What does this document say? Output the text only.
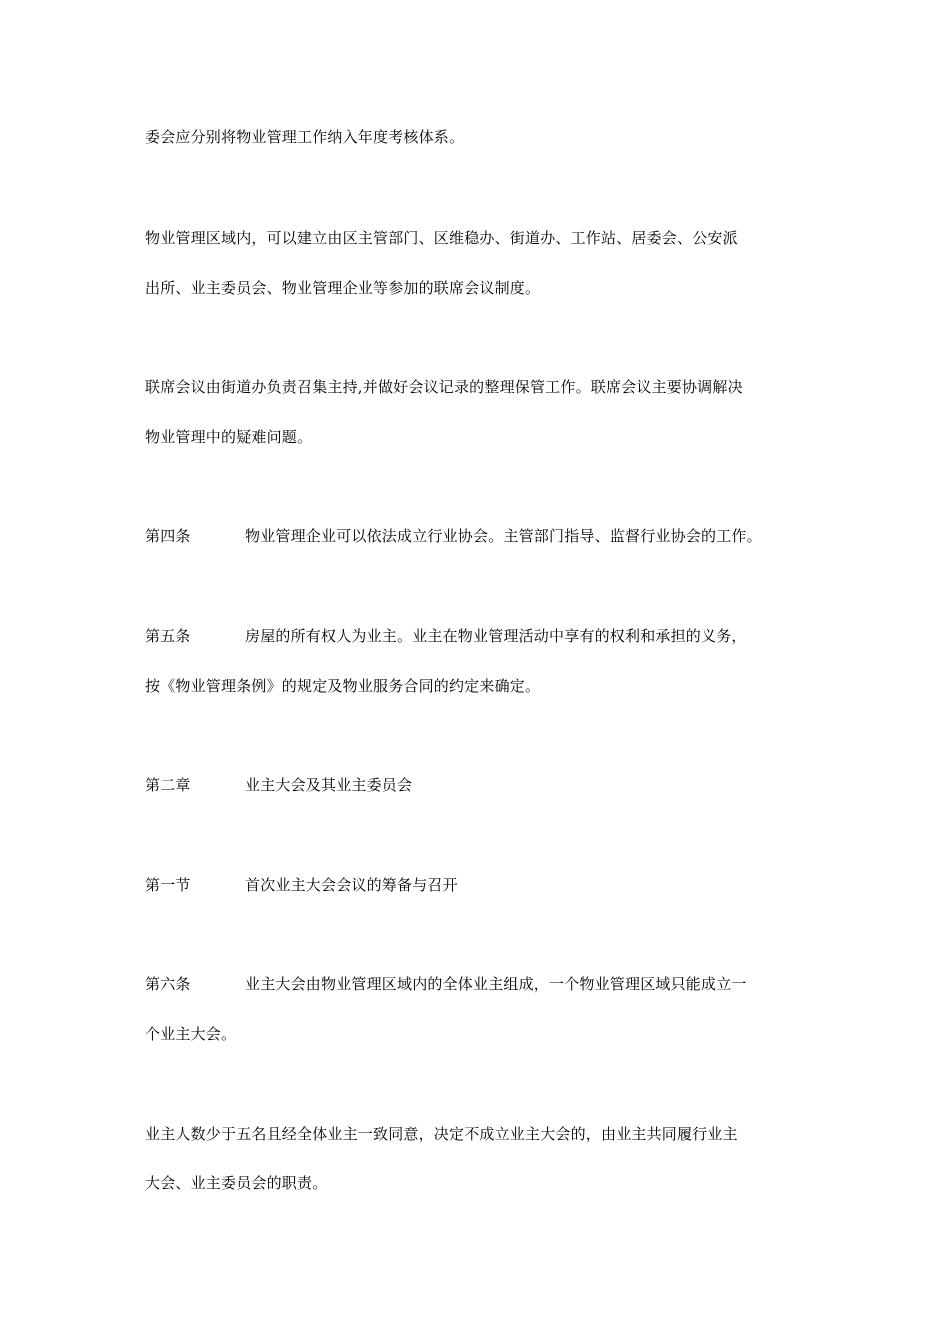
委会应分别将物业管理工作纳入年度考核体系。
物业管理区域内，可以建立由区主管部门、区维稳办、街道办、工作站、居委会、公安派
出所、业主委员会、物业管理企业等参加的联席会议制度。
联席会议由街道办负责召集主持,并做好会议记录的整理保管工作。联席会议主要协调解决
物业管理中的疑难问题。
第四条	物业管理企业可以依法成立行业协会。主管部门指导、监督行业协会的工作。
第五条	房屋的所有权人为业主。业主在物业管理活动中享有的权利和承担的义务，
按《物业管理条例》的规定及物业服务合同的约定来确定。
第二章	业主大会及其业主委员会
第一节	首次业主大会会议的筹备与召开
第六条	业主大会由物业管理区域内的全体业主组成，一个物业管理区域只能成立一
个业主大会。
业主人数少于五名且经全体业主一致同意，决定不成立业主大会的，由业主共同履行业主
大会、业主委员会的职责。
